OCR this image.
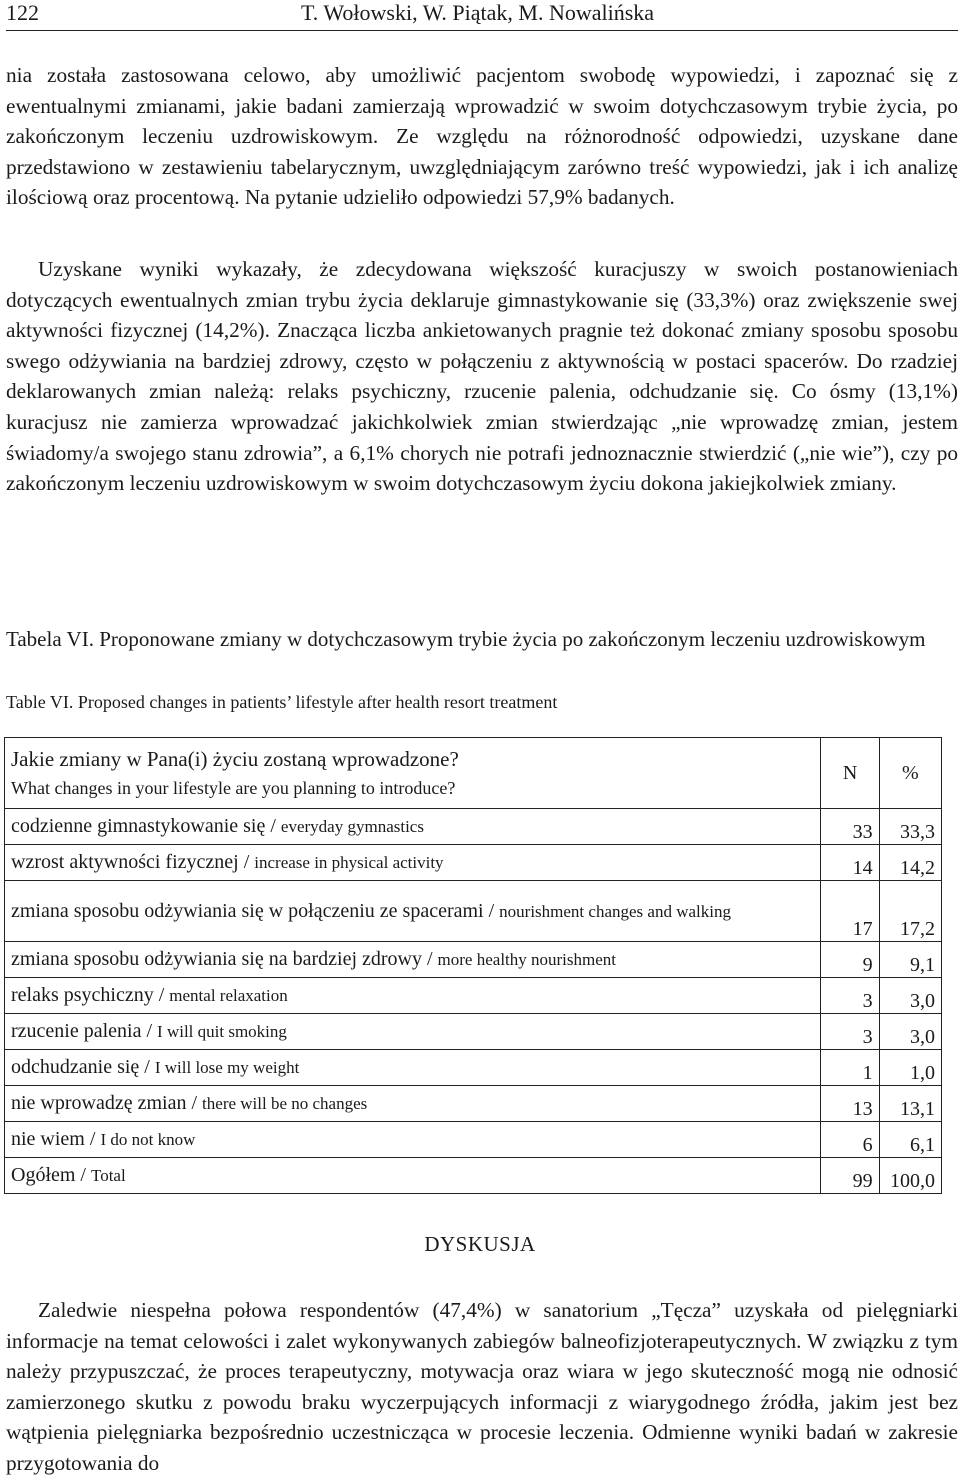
122	T. Wołowski, W. Piątak, M. Nowalińska

nia została zastosowana celowo, aby umożliwić pacjentom swobodę wypowiedzi, i zapoznać się z ewentualnymi zmianami, jakie badani zamierzają wprowadzić w swoim dotychczasowym trybie życia, po zakończonym leczeniu uzdrowiskowym. Ze względu na różnorodność odpowiedzi, uzyskane dane przedstawiono w zestawieniu tabelarycznym, uwzględniającym zarówno treść wypowiedzi, jak i ich analizę ilościową oraz procentową. Na pytanie udzieliło odpowiedzi 57,9% badanych.

Uzyskane wyniki wykazały, że zdecydowana większość kuracjuszy w swoich postanowieniach dotyczących ewentualnych zmian trybu życia deklaruje gimnastykowanie się (33,3%) oraz zwiększenie swej aktywności fizycznej (14,2%). Znacząca liczba ankietowanych pragnie też dokonać zmiany sposobu sposobu swego odżywiania na bardziej zdrowy, często w połączeniu z aktywnością w postaci spacerów. Do rzadziej deklarowanych zmian należą: relaks psychiczny, rzucenie palenia, odchudzanie się. Co ósmy (13,1%) kuracjusz nie zamierza wprowadzać jakichkolwiek zmian stwierdzając „nie wprowadzę zmian, jestem świadomy/a swojego stanu zdrowia”, a 6,1% chorych nie potrafi jednoznacznie stwierdzić („nie wie”), czy po zakończonym leczeniu uzdrowiskowym w swoim dotychczasowym życiu dokona jakiejkolwiek zmiany.

Tabela VI. Proponowane zmiany w dotychczasowym trybie życia po zakończonym leczeniu uzdrowiskowym

Table VI. Proposed changes in patients’ lifestyle after health resort treatment

Jakie zmiany w Pana(i) życiu zostaną wprowadzone?
What changes in your lifestyle are you planning to introduce?	N	%
codzienne gimnastykowanie się / everyday gymnastics	33	33,3
wzrost aktywności fizycznej / increase in physical activity	14	14,2
zmiana sposobu odżywiania się w połączeniu ze spacerami / nourishment changes and walking	17	17,2
zmiana sposobu odżywiania się na bardziej zdrowy / more healthy nourishment	9	9,1
relaks psychiczny / mental relaxation	3	3,0
rzucenie palenia / I will quit smoking	3	3,0
odchudzanie się / I will lose my weight	1	1,0
nie wprowadzę zmian / there will be no changes	13	13,1
nie wiem / I do not know	6	6,1
Ogółem / Total	99	100,0
DYSKUSJA

Zaledwie niespełna połowa respondentów (47,4%) w sanatorium „Tęcza” uzyskała od pielęgniarki informacje na temat celowości i zalet wykonywanych zabiegów balneofizjoterapeutycznych. W związku z tym należy przypuszczać, że proces terapeutyczny, motywacja oraz wiara w jego skuteczność mogą nie odnosić zamierzonego skutku z powodu braku wyczerpujących informacji z wiarygodnego źródła, jakim jest bez wątpienia pielęgniarka bezpośrednio uczestnicząca w procesie leczenia. Odmienne wyniki badań w zakresie przygotowania do
